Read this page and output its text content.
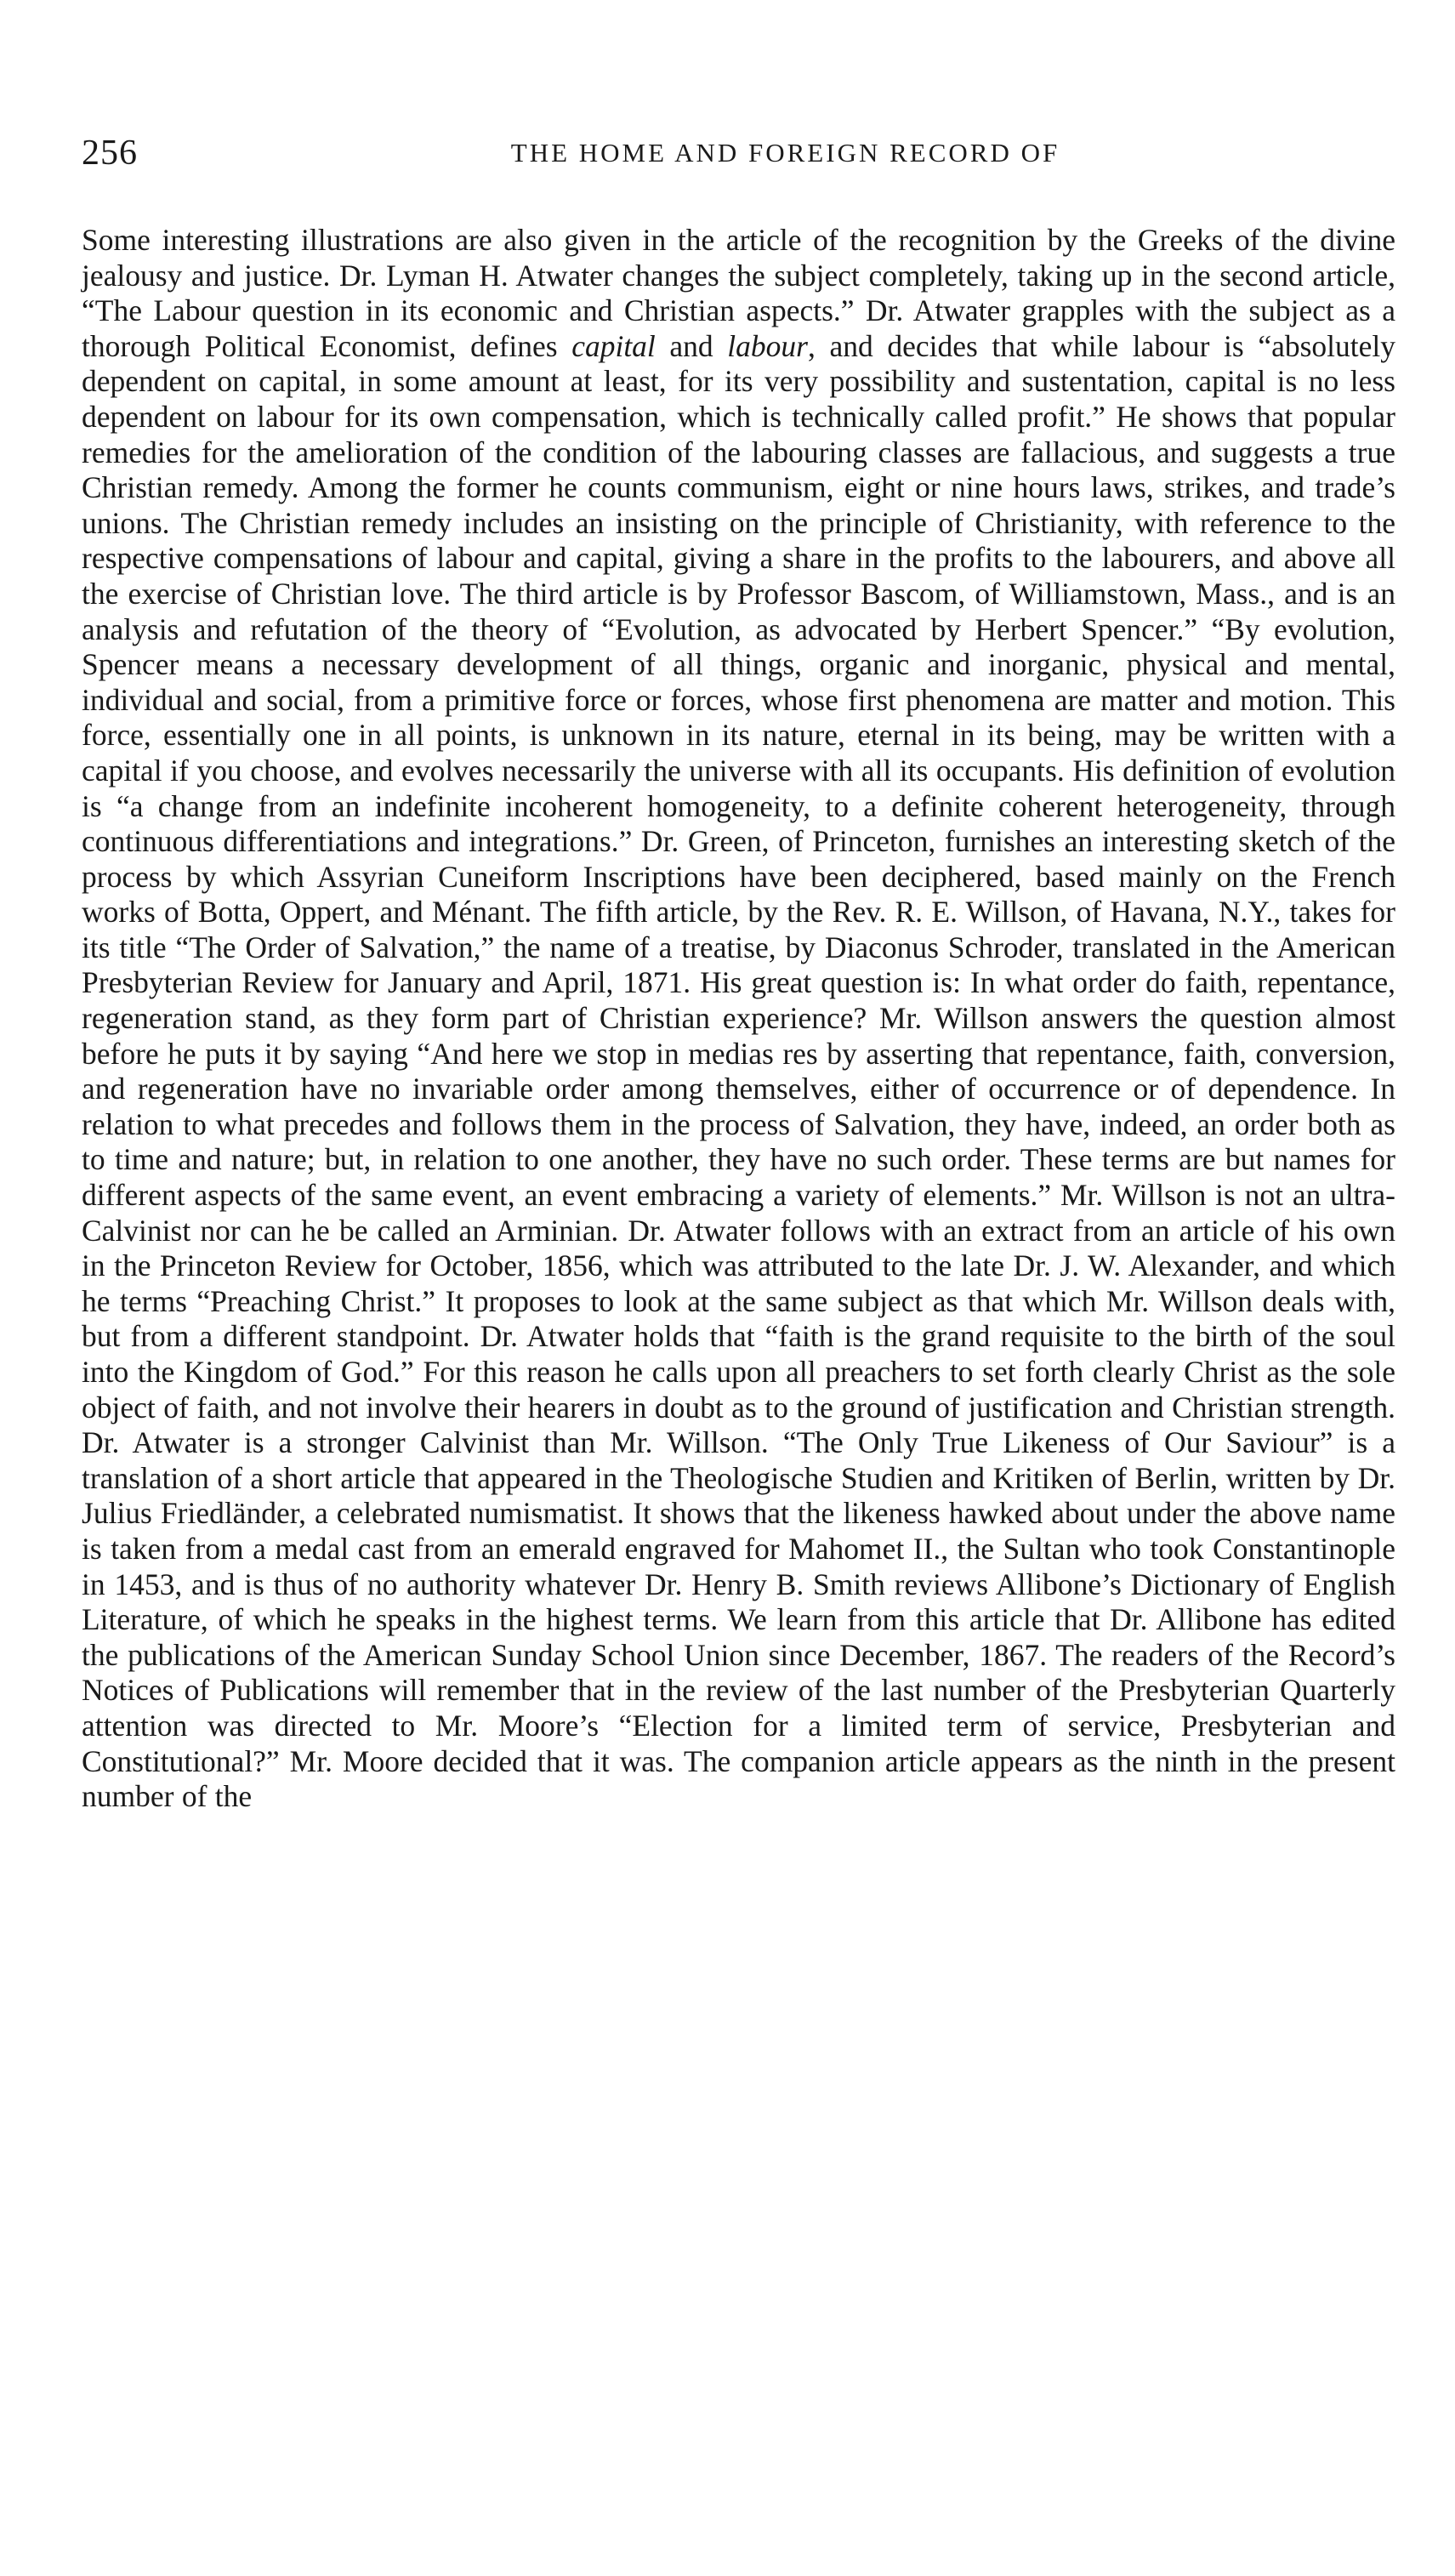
256	THE HOME AND FOREIGN RECORD OF
Some interesting illustrations are also given in the article of the recognition by the Greeks of the divine jealousy and justice. Dr. Lyman H. Atwater changes the subject completely, taking up in the second article, “The Labour question in its economic and Christian aspects.” Dr. Atwater grapples with the subject as a thorough Political Economist, defines capital and labour, and decides that while labour is “absolutely dependent on capital, in some amount at least, for its very possibility and sustentation, capital is no less dependent on labour for its own compensation, which is technically called profit.” He shows that popular remedies for the amelioration of the condition of the labouring classes are fallacious, and suggests a true Christian remedy. Among the former he counts communism, eight or nine hours laws, strikes, and trade’s unions. The Christian remedy includes an insisting on the principle of Christianity, with reference to the respective compensations of labour and capital, giving a share in the profits to the labourers, and above all the exercise of Christian love. The third article is by Professor Bascom, of Williamstown, Mass., and is an analysis and refutation of the theory of “Evolution, as advocated by Herbert Spencer.” “By evolution, Spencer means a necessary development of all things, organic and inorganic, physical and mental, individual and social, from a primitive force or forces, whose first phenomena are matter and motion. This force, essentially one in all points, is unknown in its nature, eternal in its being, may be written with a capital if you choose, and evolves necessarily the universe with all its occupants. His definition of evolution is “a change from an indefinite incoherent homogeneity, to a definite coherent heterogeneity, through continuous differentiations and integrations.” Dr. Green, of Princeton, furnishes an interesting sketch of the process by which Assyrian Cuneiform Inscriptions have been deciphered, based mainly on the French works of Botta, Oppert, and Ménant. The fifth article, by the Rev. R. E. Willson, of Havana, N.Y., takes for its title “The Order of Salvation,” the name of a treatise, by Diaconus Schroder, translated in the American Presbyterian Review for January and April, 1871. His great question is: In what order do faith, repentance, regeneration stand, as they form part of Christian experience? Mr. Willson answers the question almost before he puts it by saying “And here we stop in medias res by asserting that repentance, faith, conversion, and regeneration have no invariable order among themselves, either of occurrence or of dependence. In relation to what precedes and follows them in the process of Salvation, they have, indeed, an order both as to time and nature; but, in relation to one another, they have no such order. These terms are but names for different aspects of the same event, an event embracing a variety of elements.” Mr. Willson is not an ultra-Calvinist nor can he be called an Arminian. Dr. Atwater follows with an extract from an article of his own in the Princeton Review for October, 1856, which was attributed to the late Dr. J. W. Alexander, and which he terms “Preaching Christ.” It proposes to look at the same subject as that which Mr. Willson deals with, but from a different standpoint. Dr. Atwater holds that “faith is the grand requisite to the birth of the soul into the Kingdom of God.” For this reason he calls upon all preachers to set forth clearly Christ as the sole object of faith, and not involve their hearers in doubt as to the ground of justification and Christian strength. Dr. Atwater is a stronger Calvinist than Mr. Willson. “The Only True Likeness of Our Saviour” is a translation of a short article that appeared in the Theologische Studien and Kritiken of Berlin, written by Dr. Julius Friedländer, a celebrated numismatist. It shows that the likeness hawked about under the above name is taken from a medal cast from an emerald engraved for Mahomet II., the Sultan who took Constantinople in 1453, and is thus of no authority whatever Dr. Henry B. Smith reviews Allibone’s Dictionary of English Literature, of which he speaks in the highest terms. We learn from this article that Dr. Allibone has edited the publications of the American Sunday School Union since December, 1867. The readers of the Record’s Notices of Publications will remember that in the review of the last number of the Presbyterian Quarterly attention was directed to Mr. Moore’s “Election for a limited term of service, Presbyterian and Constitutional?” Mr. Moore decided that it was. The companion article appears as the ninth in the present number of the
